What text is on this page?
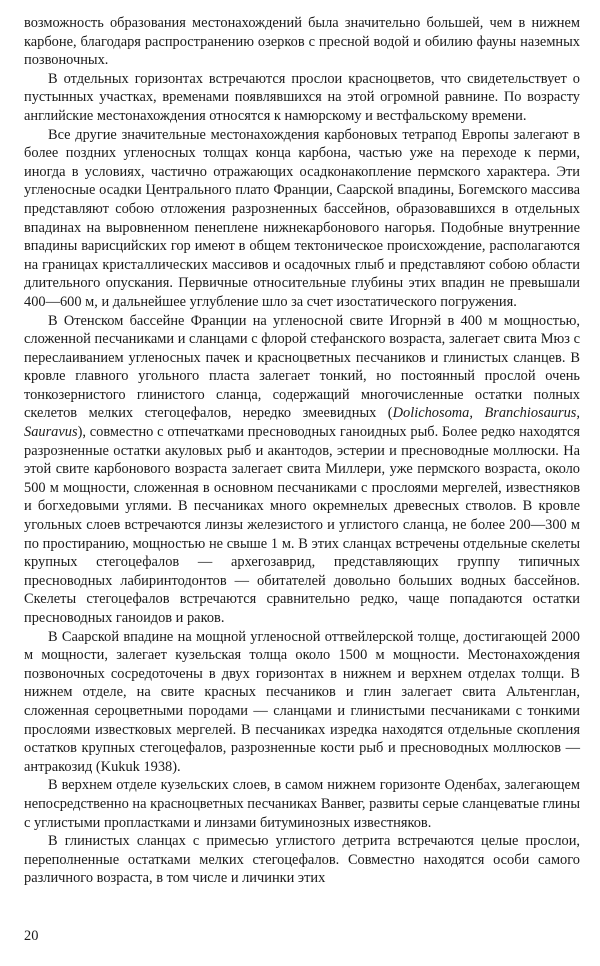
возможность образования местонахождений была значительно большей, чем в нижнем карбоне, благодаря распространению озерков с пресной водой и обилию фауны наземных позвоночных.

В отдельных горизонтах встречаются прослои красноцветов, что свидетельствует о пустынных участках, временами появлявшихся на этой огромной равнине. По возрасту английские местонахождения относятся к намюрскому и вестфальскому времени.

Все другие значительные местонахождения карбоновых тетрапод Европы залегают в более поздних угленосных толщах конца карбона, частью уже на переходе к перми, иногда в условиях, частично отражающих осадконакопление пермского характера. Эти угленосные осадки Центрального плато Франции, Саарской впадины, Богемского массива представляют собою отложения разрозненных бассейнов, образовавшихся в отдельных впадинах на выровненном пенеплене нижнекарбонового нагорья. Подобные внутренние впадины варисцийских гор имеют в общем тектоническое происхождение, располагаются на границах кристаллических массивов и осадочных глыб и представляют собою области длительного опускания. Первичные относительные глубины этих впадин не превышали 400—600 м, и дальнейшее углубление шло за счет изостатического погружения.

В Отенском бассейне Франции на угленосной свите Игорнэй в 400 м мощностью, сложенной песчаниками и сланцами с флорой стефанского возраста, залегает свита Мюз с переслаиванием угленосных пачек и красноцветных песчаников и глинистых сланцев. В кровле главного угольного пласта залегает тонкий, но постоянный прослой очень тонкозернистого глинистого сланца, содержащий многочисленные остатки полных скелетов мелких стегоцефалов, нередко змеевидных (Dolichosoma, Branchiosaurus, Sauravus), совместно с отпечатками пресноводных ганоидных рыб. Более редко находятся разрозненные остатки акуловых рыб и акантодов, эстерии и пресноводные моллюски. На этой свите карбонового возраста залегает свита Миллери, уже пермского возраста, около 500 м мощности, сложенная в основном песчаниками с прослоями мергелей, известняков и богхедовыми углями. В песчаниках много окремнелых древесных стволов. В кровле угольных слоев встречаются линзы железистого и углистого сланца, не более 200—300 м по простиранию, мощностью не свыше 1 м. В этих сланцах встречены отдельные скелеты крупных стегоцефалов — архегозаврид, представляющих группу типичных пресноводных лабиринтодонтов — обитателей довольно больших водных бассейнов. Скелеты стегоцефалов встречаются сравнительно редко, чаще попадаются остатки пресноводных ганоидов и раков.

В Саарской впадине на мощной угленосной оттвейлерской толще, достигающей 2000 м мощности, залегает кузельская толща около 1500 м мощности. Местонахождения позвоночных сосредоточены в двух горизонтах в нижнем и верхнем отделах толщи. В нижнем отделе, на свите красных песчаников и глин залегает свита Альтенглан, сложенная сероцветными породами — сланцами и глинистыми песчаниками с тонкими прослоями известковых мергелей. В песчаниках изредка находятся отдельные скопления остатков крупных стегоцефалов, разрозненные кости рыб и пресноводных моллюсков — антракозид (Kukuk 1938).

В верхнем отделе кузельских слоев, в самом нижнем горизонте Оденбах, залегающем непосредственно на красноцветных песчаниках Ванвег, развиты серые сланцеватые глины с углистыми пропластками и линзами битуминозных известняков.

В глинистых сланцах с примесью углистого детрита встречаются целые прослои, переполненные остатками мелких стегоцефалов. Совместно находятся особи самого различного возраста, в том числе и личинки этих

20
